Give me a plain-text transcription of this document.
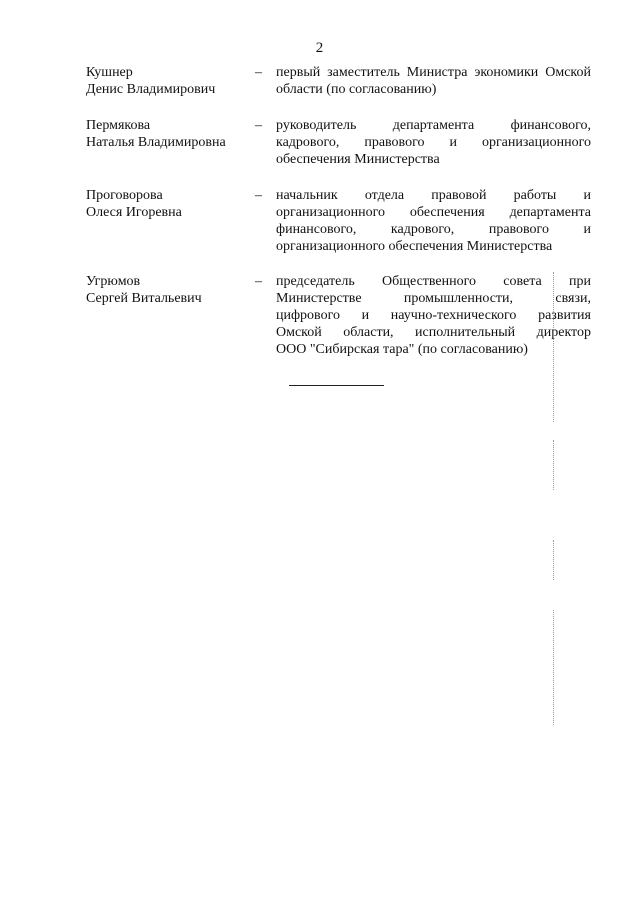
2
Кушнер
Денис Владимирович
– первый заместитель Министра экономики Омской
области (по согласованию)
Пермякова
Наталья Владимировна
– руководитель департамента финансового,
кадрового, правового и организационного
обеспечения Министерства
Проговорова
Олеся Игоревна
– начальник отдела правовой работы и
организационного обеспечения департамента
финансового, кадрового, правового и
организационного обеспечения Министерства
Угрюмов
Сергей Витальевич
– председатель Общественного совета при
Министерстве промышленности, связи,
цифрового и научно-технического развития
Омской области, исполнительный директор
ООО "Сибирская тара" (по согласованию)
